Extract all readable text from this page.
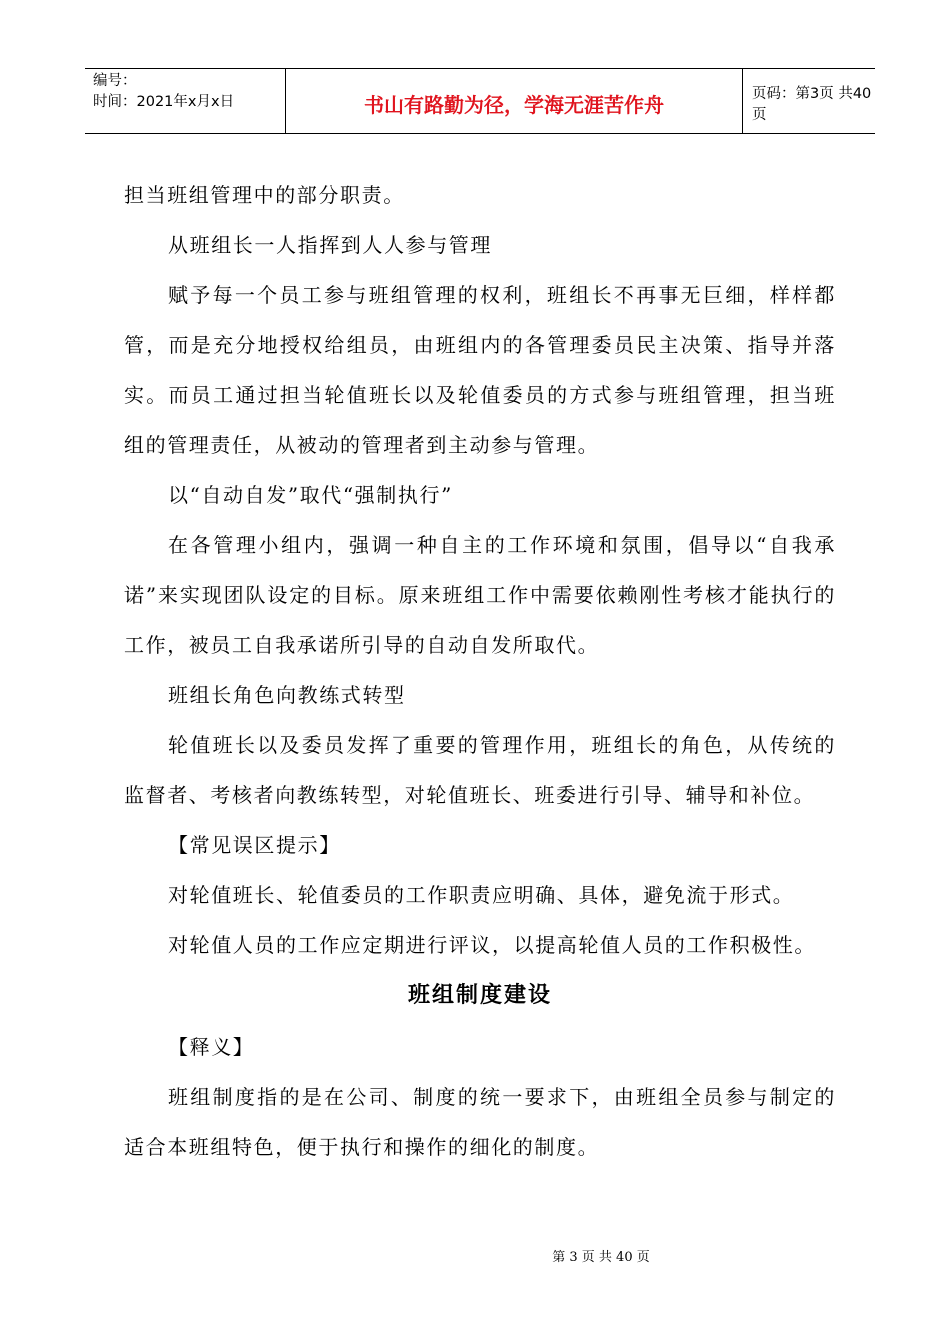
编号：
时间：2021年x月x日	书山有路勤为径，学海无涯苦作舟	页码：第3页 共40页

担当班组管理中的部分职责。

从班组长一人指挥到人人参与管理

赋予每一个员工参与班组管理的权利，班组长不再事无巨细，样样都管，而是充分地授权给组员，由班组内的各管理委员民主决策、指导并落实。而员工通过担当轮值班长以及轮值委员的方式参与班组管理，担当班组的管理责任，从被动的管理者到主动参与管理。

以“自动自发”取代“强制执行”

在各管理小组内，强调一种自主的工作环境和氛围，倡导以“自我承诺”来实现团队设定的目标。原来班组工作中需要依赖刚性考核才能执行的工作，被员工自我承诺所引导的自动自发所取代。

班组长角色向教练式转型

轮值班长以及委员发挥了重要的管理作用，班组长的角色，从传统的监督者、考核者向教练转型，对轮值班长、班委进行引导、辅导和补位。

【常见误区提示】

对轮值班长、轮值委员的工作职责应明确、具体，避免流于形式。

对轮值人员的工作应定期进行评议，以提高轮值人员的工作积极性。

班组制度建设

【释义】

班组制度指的是在公司、制度的统一要求下，由班组全员参与制定的适合本班组特色，便于执行和操作的细化的制度。

第 3 页 共 40 页
